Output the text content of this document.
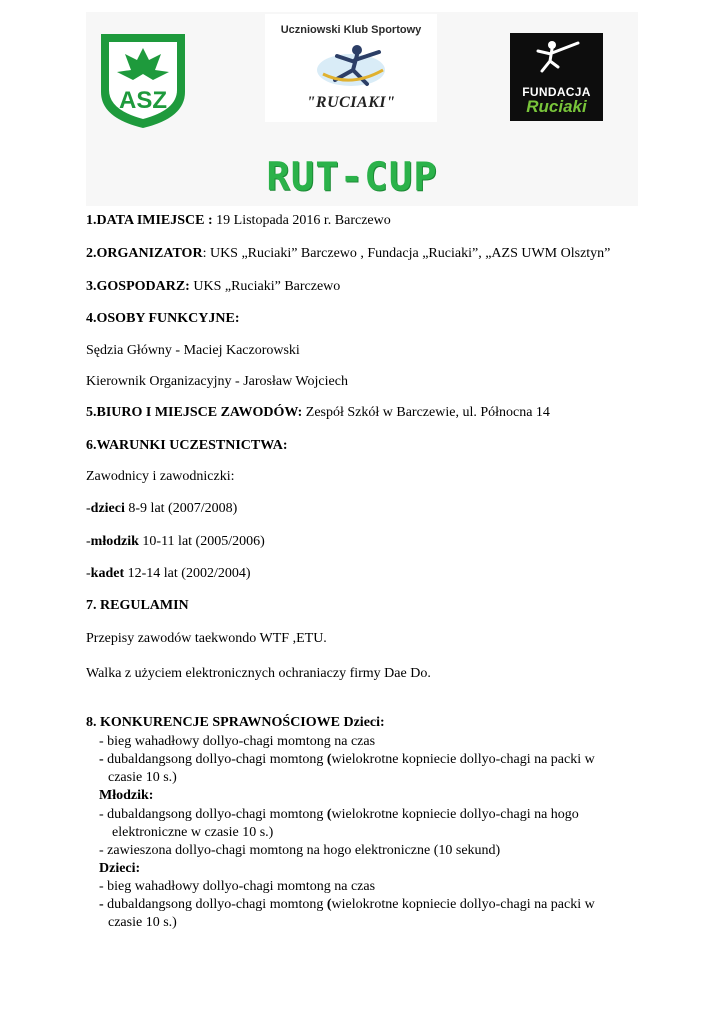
ASZ
Uczniowski Klub Sportowy
"RUCIAKI"
FUNDACJA
Ruciaki
RUT-CUP
1.DATA IMIEJSCE : 19 Listopada 2016 r. Barczewo
2.ORGANIZATOR: UKS „Ruciaki” Barczewo , Fundacja „Ruciaki”, „AZS UWM Olsztyn”
3.GOSPODARZ: UKS „Ruciaki” Barczewo
4.OSOBY FUNKCYJNE:
Sędzia Główny - Maciej Kaczorowski
Kierownik Organizacyjny - Jarosław Wojciech
5.BIURO I MIEJSCE ZAWODÓW: Zespół Szkół w Barczewie, ul. Północna 14
6.WARUNKI UCZESTNICTWA:
Zawodnicy i zawodniczki:
-dzieci 8-9 lat (2007/2008)
-młodzik 10-11 lat (2005/2006)
-kadet 12-14 lat (2002/2004)
7. REGULAMIN
Przepisy zawodów taekwondo WTF ,ETU.
Walka z użyciem elektronicznych ochraniaczy firmy Dae Do.
8. KONKURENCJE SPRAWNOŚCIOWE Dzieci:
- bieg wahadłowy dollyo-chagi momtong na czas
- dubaldangsong dollyo-chagi momtong (wielokrotne kopniecie dollyo-chagi na packi w
czasie 10 s.)
Młodzik:
- dubaldangsong dollyo-chagi momtong (wielokrotne kopniecie dollyo-chagi na hogo
elektroniczne w czasie 10 s.)
- zawieszona dollyo-chagi momtong na hogo elektroniczne (10 sekund)
Dzieci:
- bieg wahadłowy dollyo-chagi momtong na czas
- dubaldangsong dollyo-chagi momtong (wielokrotne kopniecie dollyo-chagi na packi w
czasie 10 s.)
